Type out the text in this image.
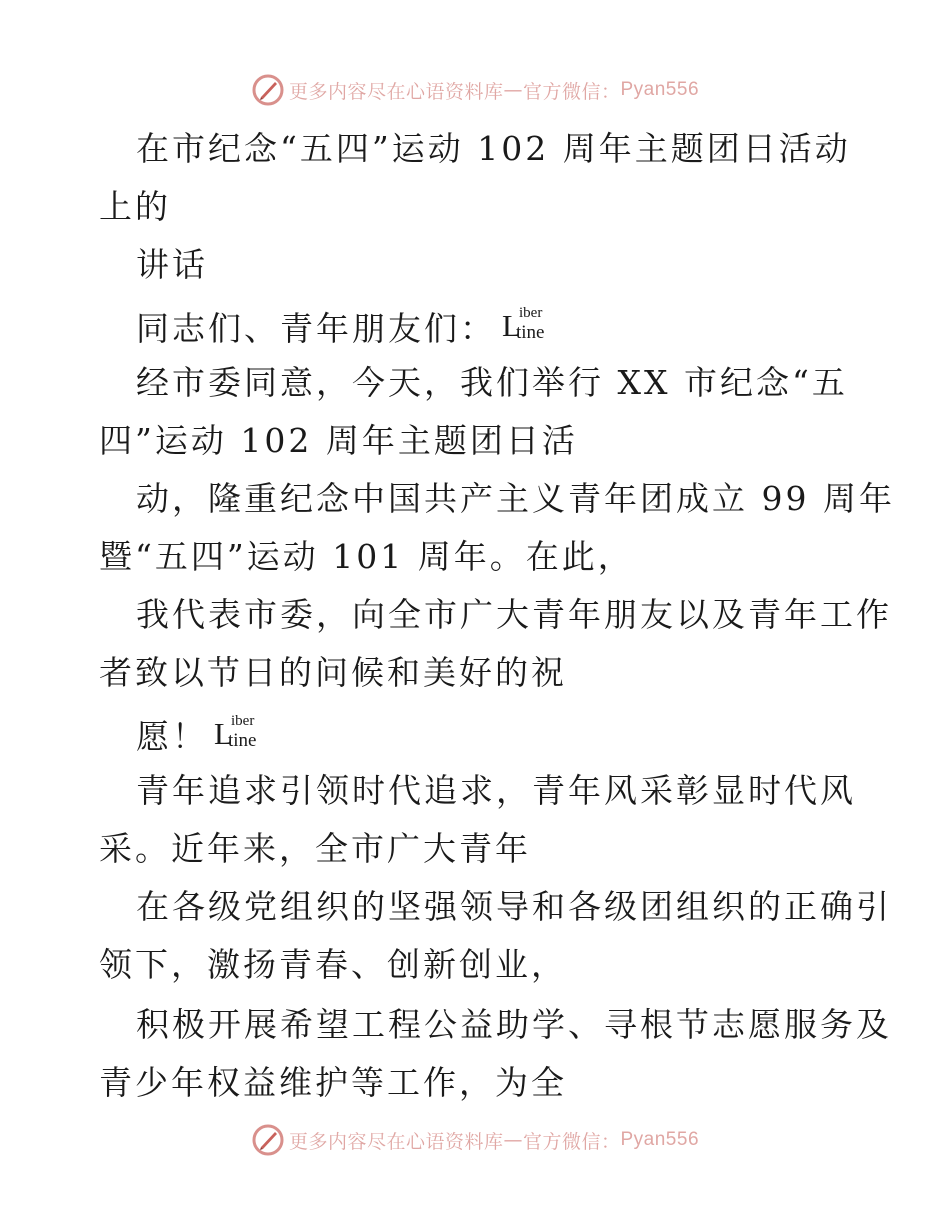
更多内容尽在心语资料库 — 官方微信： Pyan556
在市纪念“五四”运动 102 周年主题团日活动
上的
讲话
同志们、青年朋友们： L
iber
tine
经市委同意，今天，我们举行 XX 市纪念“五
四”运动 102 周年主题团日活
动，隆重纪念中国共产主义青年团成立 99 周年
暨“五四”运动 101 周年。在此，
我代表市委，向全市广大青年朋友以及青年工作
者致以节日的问候和美好的祝
愿！ L
iber
tine
青年追求引领时代追求，青年风采彰显时代风
采。近年来，全市广大青年
在各级党组织的坚强领导和各级团组织的正确引
领下，激扬青春、创新创业，
积极开展希望工程公益助学、寻根节志愿服务及
青少年权益维护等工作，为全
更多内容尽在心语资料库 — 官方微信： Pyan556
